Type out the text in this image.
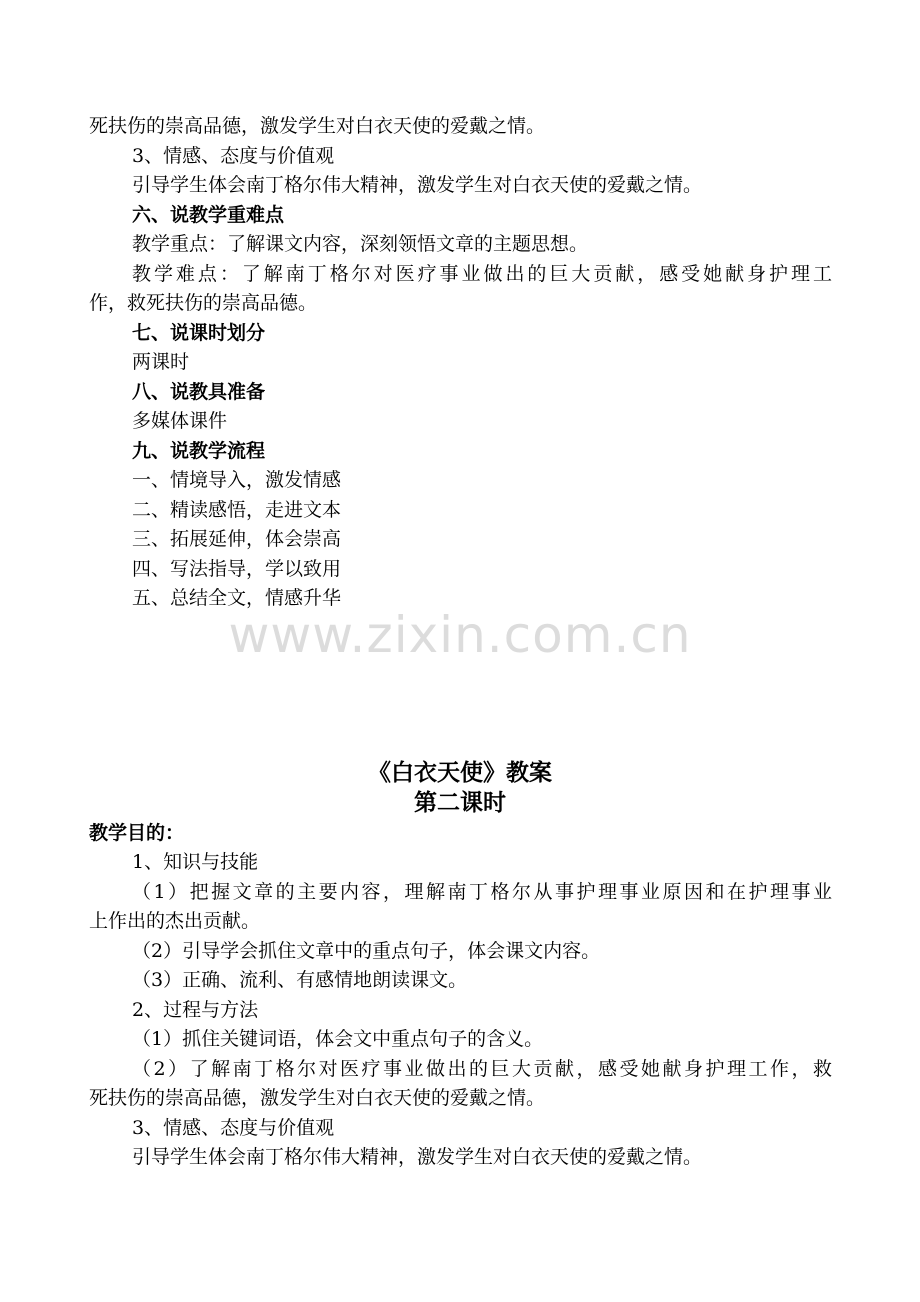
死扶伤的崇高品德，激发学生对白衣天使的爱戴之情。
3、情感、态度与价值观
引导学生体会南丁格尔伟大精神，激发学生对白衣天使的爱戴之情。
六、说教学重难点
教学重点：了解课文内容，深刻领悟文章的主题思想。
教学难点：了解南丁格尔对医疗事业做出的巨大贡献，感受她献身护理工
作，救死扶伤的崇高品德。
七、说课时划分
两课时
八、说教具准备
多媒体课件
九、说教学流程
一、情境导入，激发情感
二、精读感悟，走进文本
三、拓展延伸，体会崇高
四、写法指导，学以致用
五、总结全文，情感升华
www.zixin.com.cn
《白衣天使》教案
第二课时
教学目的：
1、知识与技能
（1）把握文章的主要内容，理解南丁格尔从事护理事业原因和在护理事业
上作出的杰出贡献。
（2）引导学会抓住文章中的重点句子，体会课文内容。
（3）正确、流利、有感情地朗读课文。
2、过程与方法
（1）抓住关键词语，体会文中重点句子的含义。
（2）了解南丁格尔对医疗事业做出的巨大贡献，感受她献身护理工作，救
死扶伤的崇高品德，激发学生对白衣天使的爱戴之情。
3、情感、态度与价值观
引导学生体会南丁格尔伟大精神，激发学生对白衣天使的爱戴之情。
